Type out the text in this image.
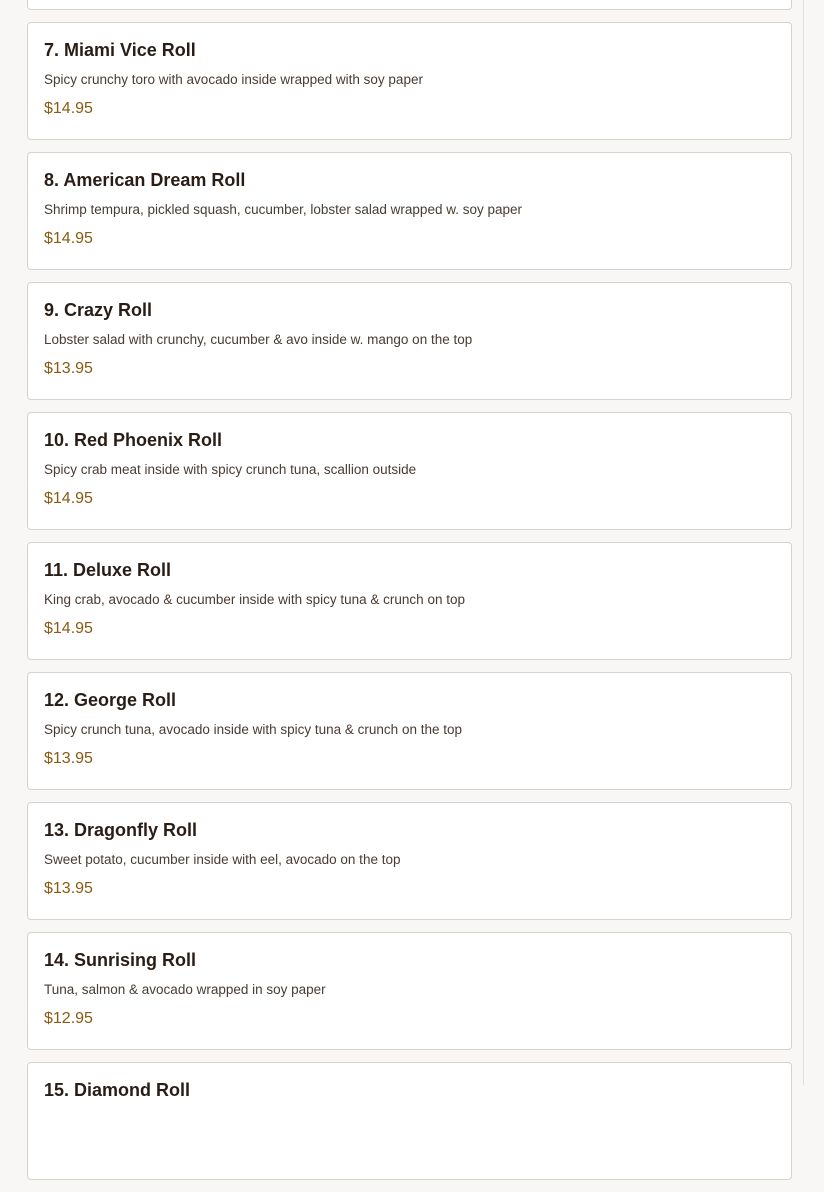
7. Miami Vice Roll

Spicy crunchy toro with avocado inside wrapped with soy paper

$14.95

8. American Dream Roll

Shrimp tempura, pickled squash, cucumber, lobster salad wrapped w. soy paper

$14.95

9. Crazy Roll

Lobster salad with crunchy, cucumber & avo inside w. mango on the top

$13.95

10. Red Phoenix Roll

Spicy crab meat inside with spicy crunch tuna, scallion outside

$14.95

11. Deluxe Roll

King crab, avocado & cucumber inside with spicy tuna & crunch on top

$14.95

12. George Roll

Spicy crunch tuna, avocado inside with spicy tuna & crunch on the top

$13.95

13. Dragonfly Roll

Sweet potato, cucumber inside with eel, avocado on the top

$13.95

14. Sunrising Roll

Tuna, salmon & avocado wrapped in soy paper

$12.95

15. Diamond Roll
